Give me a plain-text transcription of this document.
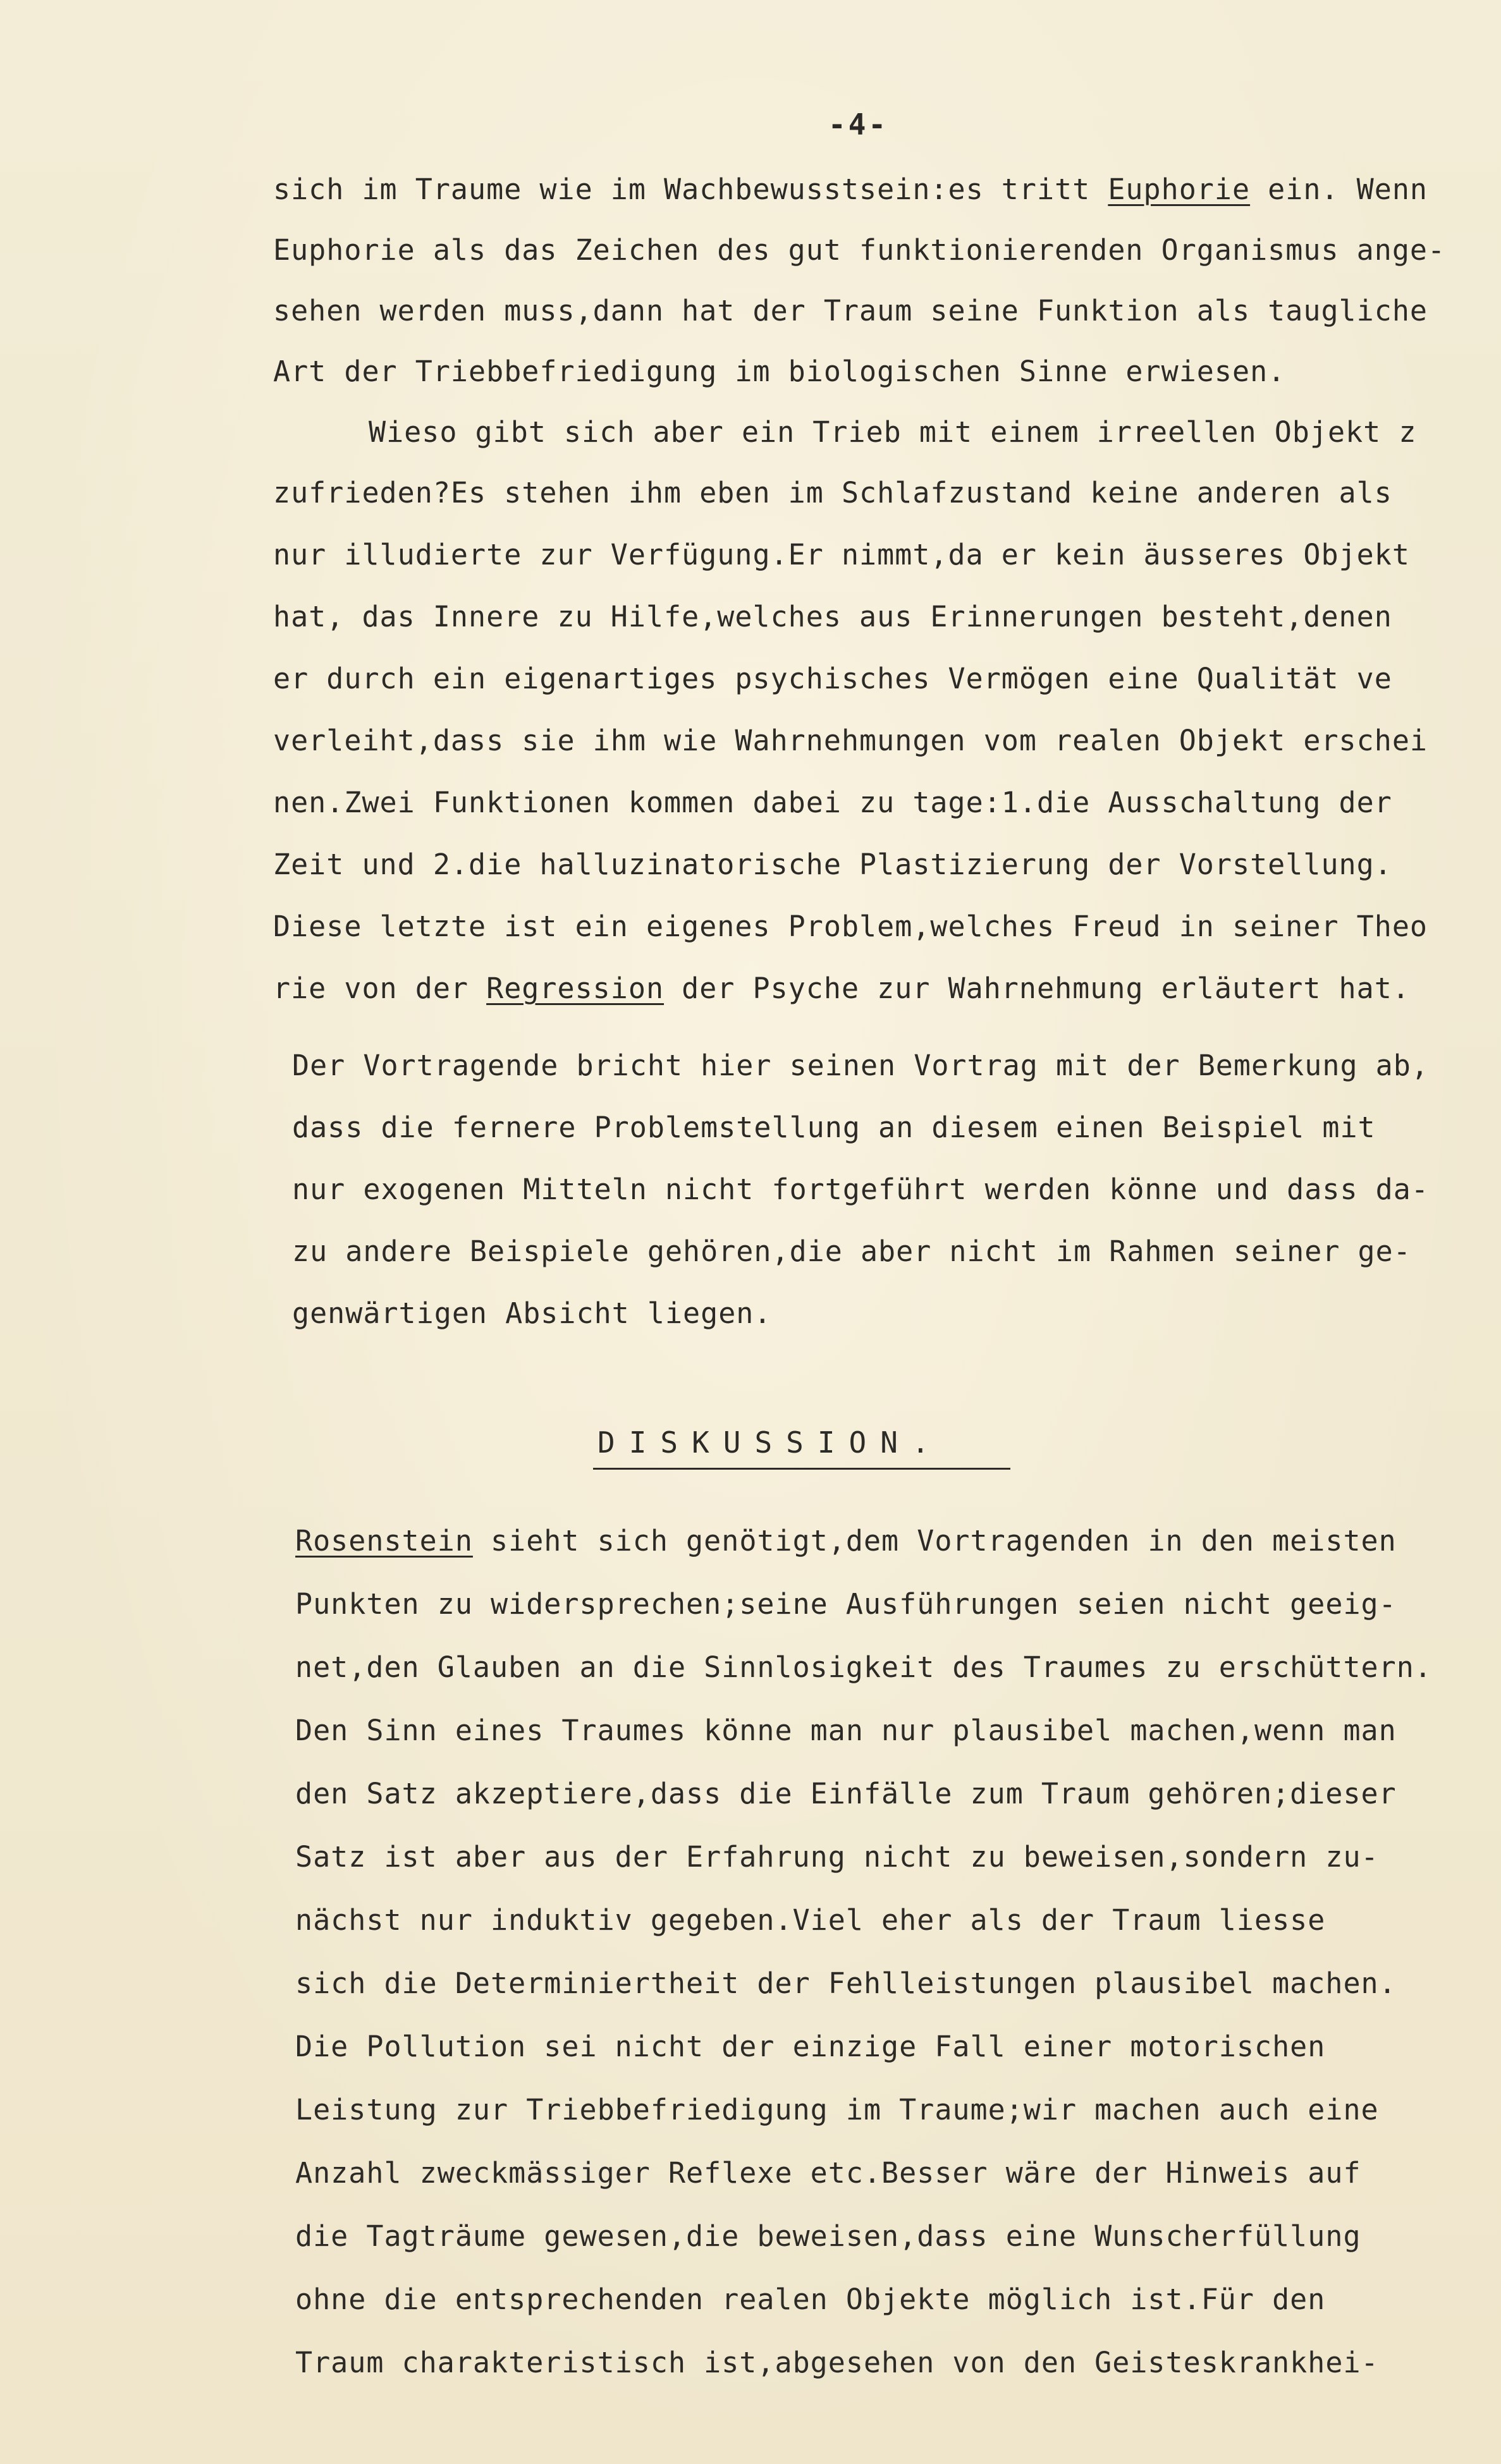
-4-
sich im Traume wie im Wachbewusstsein:es tritt Euphorie ein. Wenn
Euphorie als das Zeichen des gut funktionierenden Organismus ange-
sehen werden muss,dann hat der Traum seine Funktion als taugliche
Art der Triebbefriedigung im biologischen Sinne erwiesen.
Wieso gibt sich aber ein Trieb mit einem irreellen Objekt z
zufrieden?Es stehen ihm eben im Schlafzustand keine anderen als
nur illudierte zur Verfügung.Er nimmt,da er kein äusseres Objekt
hat, das Innere zu Hilfe,welches aus Erinnerungen besteht,denen
er durch ein eigenartiges psychisches Vermögen eine Qualität ve
verleiht,dass sie ihm wie Wahrnehmungen vom realen Objekt erschei
nen.Zwei Funktionen kommen dabei zu tage:1.die Ausschaltung der
Zeit und 2.die halluzinatorische Plastizierung der Vorstellung.
Diese letzte ist ein eigenes Problem,welches Freud in seiner Theo
rie von der Regression der Psyche zur Wahrnehmung erläutert hat.
Der Vortragende bricht hier seinen Vortrag mit der Bemerkung ab,
dass die fernere Problemstellung an diesem einen Beispiel mit
nur exogenen Mitteln nicht fortgeführt werden könne und dass da-
zu andere Beispiele gehören,die aber nicht im Rahmen seiner ge-
genwärtigen Absicht liegen.
DISKUSSION.
Rosenstein sieht sich genötigt,dem Vortragenden in den meisten
Punkten zu widersprechen;seine Ausführungen seien nicht geeig-
net,den Glauben an die Sinnlosigkeit des Traumes zu erschüttern.
Den Sinn eines Traumes könne man nur plausibel machen,wenn man
den Satz akzeptiere,dass die Einfälle zum Traum gehören;dieser
Satz ist aber aus der Erfahrung nicht zu beweisen,sondern zu-
nächst nur induktiv gegeben.Viel eher als der Traum liesse
sich die Determiniertheit der Fehlleistungen plausibel machen.
Die Pollution sei nicht der einzige Fall einer motorischen
Leistung zur Triebbefriedigung im Traume;wir machen auch eine
Anzahl zweckmässiger Reflexe etc.Besser wäre der Hinweis auf
die Tagträume gewesen,die beweisen,dass eine Wunscherfüllung
ohne die entsprechenden realen Objekte möglich ist.Für den
Traum charakteristisch ist,abgesehen von den Geisteskrankhei-
